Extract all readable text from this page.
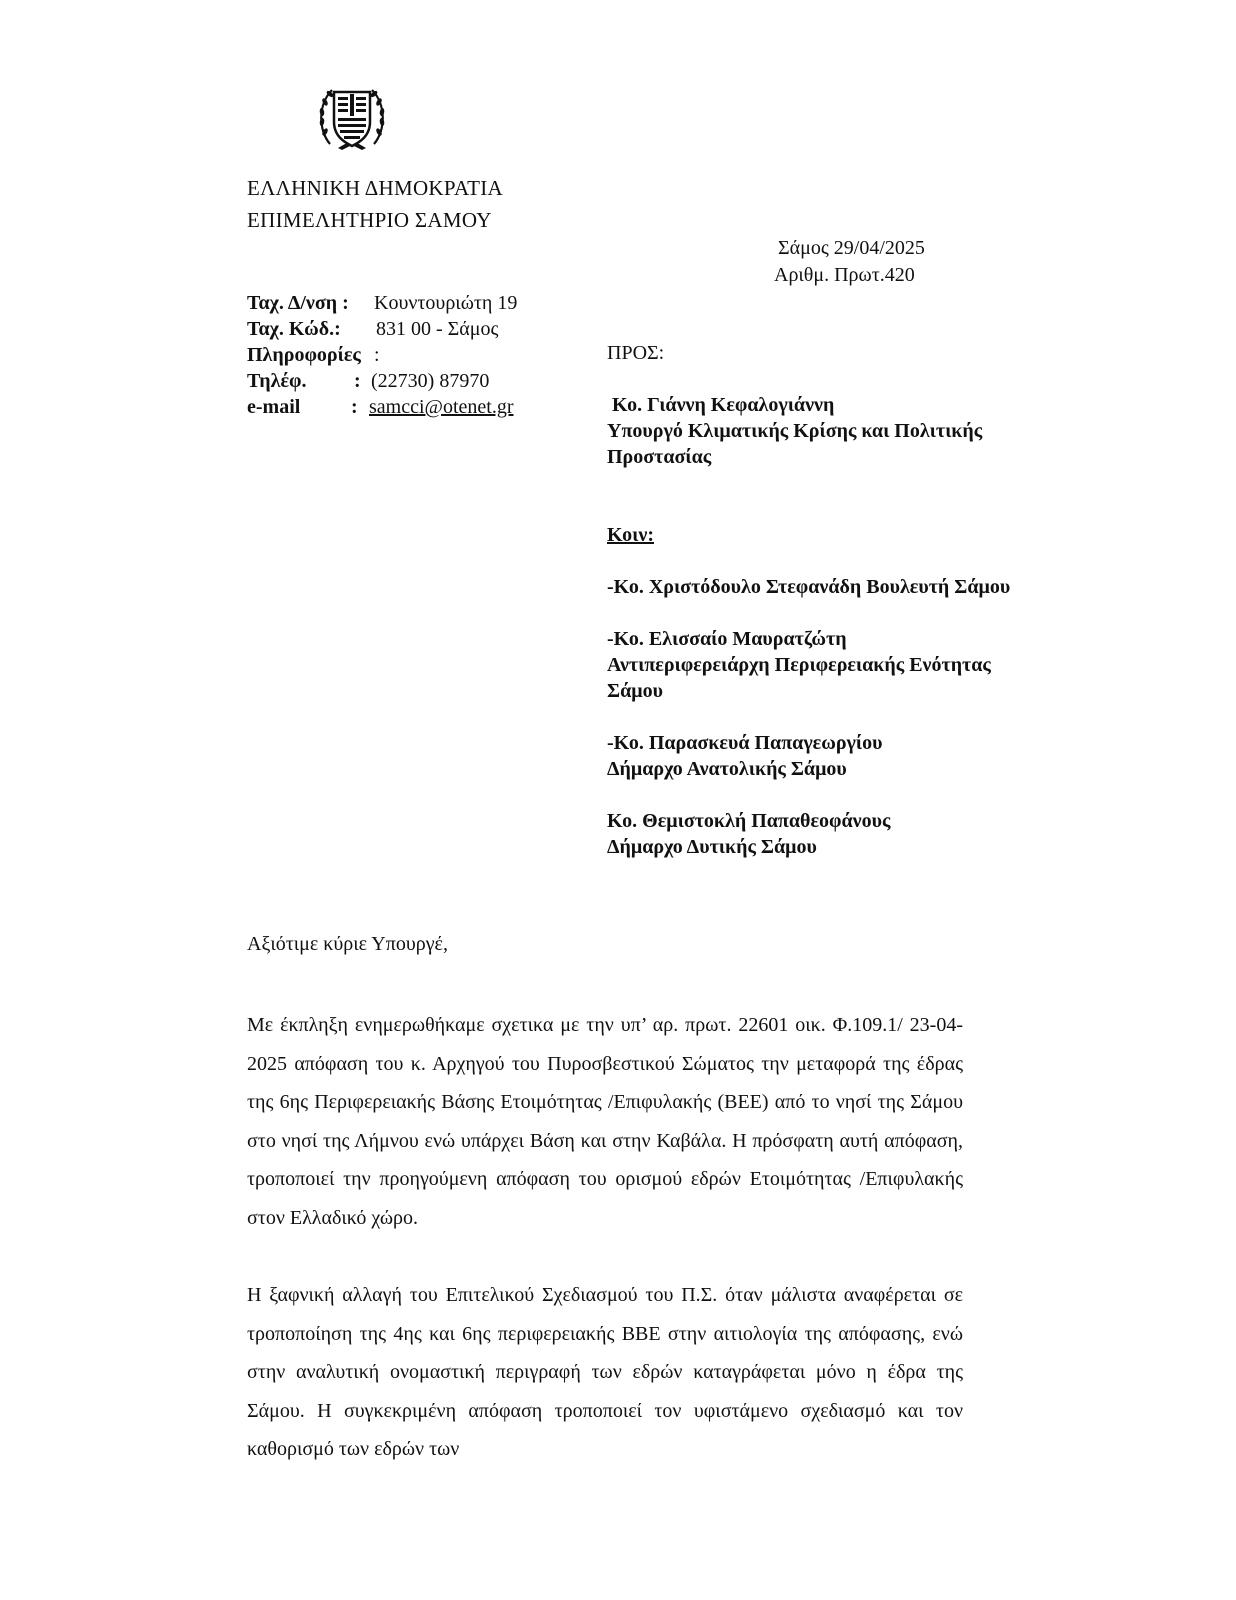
ΕΛΛΗΝΙΚΗ ΔΗΜΟΚΡΑΤΙΑ
ΕΠΙΜΕΛΗΤΗΡΙΟ ΣΑΜΟΥ
Σάμος 29/04/2025
Αριθμ. Πρωτ.420
Ταχ. Δ/νση : Κουντουριώτη 19
Ταχ. Κώδ.: 831 00 - Σάμος
Πληροφορίες :
Τηλέφ. : (22730) 87970
e-mail	: samcci@otenet.gr
ΠΡΟΣ:
Κο. Γιάννη Κεφαλογιάννη
Υπουργό Κλιματικής Κρίσης και Πολιτικής
Προστασίας
Κοιν:
-Κο. Χριστόδουλο Στεφανάδη Βουλευτή Σάμου
-Κο. Ελισσαίο Μαυρατζώτη
Αντιπεριφερειάρχη Περιφερειακής Ενότητας
Σάμου
-Κο. Παρασκευά Παπαγεωργίου
Δήμαρχο Ανατολικής Σάμου
Κο. Θεμιστοκλή Παπαθεοφάνους
Δήμαρχο Δυτικής Σάμου
Αξιότιμε κύριε Υπουργέ,
Με έκπληξη ενημερωθήκαμε σχετικα με την υπ’ αρ. πρωτ. 22601 οικ. Φ.109.1/ 23-04-2025 απόφαση του κ. Αρχηγού του Πυροσβεστικού Σώματος την μεταφορά της έδρας της 6ης Περιφερειακής Βάσης Ετοιμότητας /Επιφυλακής (ΒΕΕ) από το νησί της Σάμου στο νησί της Λήμνου ενώ υπάρχει Βάση και στην Καβάλα. Η πρόσφατη αυτή απόφαση, τροποποιεί την προηγούμενη απόφαση του ορισμού εδρών Ετοιμότητας /Επιφυλακής στον Ελλαδικό χώρο.
Η ξαφνική αλλαγή του Επιτελικού Σχεδιασμού του Π.Σ. όταν μάλιστα αναφέρεται σε τροποποίηση της 4ης και 6ης περιφερειακής ΒΒΕ στην αιτιολογία της απόφασης, ενώ στην αναλυτική ονομαστική περιγραφή των εδρών καταγράφεται μόνο η έδρα της Σάμου. Η συγκεκριμένη απόφαση τροποποιεί τον υφιστάμενο σχεδιασμό και τον καθορισμό των εδρών των
